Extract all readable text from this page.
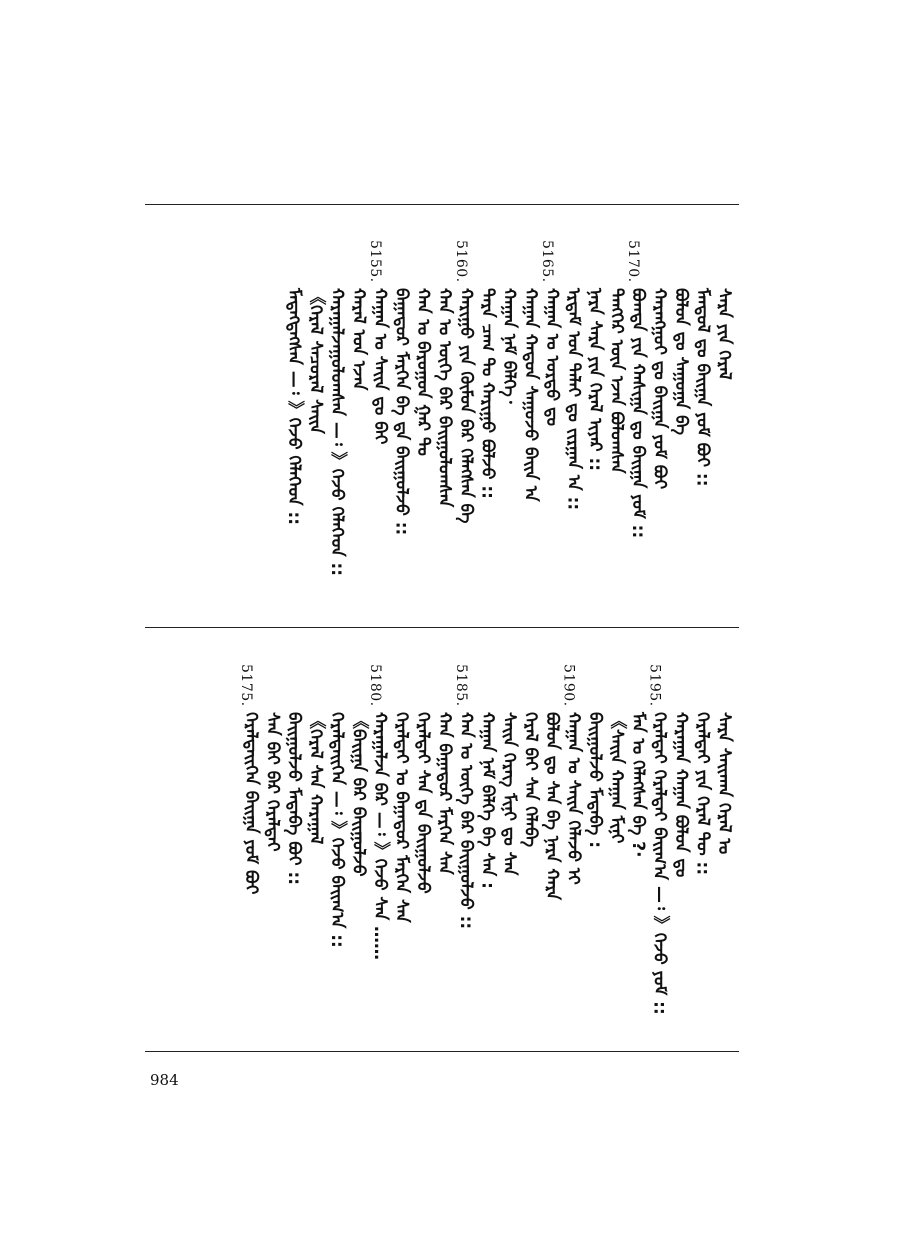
ᠰᠠᠷᠠ ᠶᠢᠨ ᠭᠡᠷᠡᠯ
ᠮᠠᠨᠳᠤᠯ ᠳᠤ ᠪᠠᠢᠭᠠ ᠶᠤᠮ ᠪᠤᠢ ::
ᠪᠤᠯᠤᠨ ᠳᠤ ᠰᠠᠭᠤᠭᠠ ᠪᠠ
ᠬᠠᠷᠠᠩᠭᠤᠢ ᠳᠤ ᠪᠠᠢᠭᠠ ᠶᠤᠮ ᠪᠤᠢ
5170.
ᠪᠣᠭᠳᠠ ᠶᠢᠨ ᠬᠠᠰᠢᠭᠠ ᠳᠤ ᠪᠠᠢᠭᠠ ᠶᠤᠮ ::
ᠲᠡᠩᠭᠡᠷ ᠦᠨ ᠡᠵᠡᠨ ᠪᠣᠯᠤᠭᠰᠠᠨ
ᠨᠠᠷᠠ ᠰᠠᠷᠠ ᠶᠢᠨ ᠭᠡᠷᠡᠯ ᠢᠶᠡᠷ ::
ᠡᠷᠳᠡᠮ ᠤᠨ ᠳᠠᠯᠠᠢ ᠳᠤ ᠵᠢᠷᠭᠠᠨ ᠠ ::
5165.
ᠬᠠᠭᠠᠨ ᠤ ᠣᠷᠳᠣ ᠳᠤ
ᠬᠠᠭᠠᠨ ᠬᠠᠲᠤᠨ ᠰᠠᠭᠤᠵᠤ ᠪᠠᠢᠨ ᠠ
ᠬᠠᠭᠠᠨ ᠨᠠᠮ ᠪᠡᠯᠭᠡ᠂
ᠲᠡᠷᠡ ᠴᠠᠭ ᠲᠤ ᠬᠠᠷᠢᠭᠤ ᠪᠣᠯᠵᠤ ::
5160.
ᠬᠠᠷᠢᠭᠤ ᠶᠢᠨ ᠬᠦᠮᠦᠨ ᠪᠡᠷ ᠬᠡᠯᠡᠭᠰᠡᠨ ᠪᠠ
ᠬᠠᠨ ᠤ ᠦᠭᠡ ᠪᠡᠷ ᠪᠠᠢᠭᠤᠯᠤᠭᠰᠠᠨ
ᠬᠠᠨ ᠤ ᠪᠠᠷᠤᠭᠤᠨ ᠭᠠᠷ ᠲᠤ
ᠪᠠᠭᠠᠲᠤᠷ ᠮᠡᠷᠭᠡᠨ ᠪᠠ ᠳᠠ ᠪᠠᠢᠭᠤᠯᠵᠤ ::
5155.
ᠬᠠᠭᠠᠨ ᠤ ᠰᠠᠢᠨ ᠳᠤ ᠪᠠᠢ
ᠬᠠᠷᠠᠯ ᠤᠨ ᠡᠵᠡᠨ
ᠬᠠᠷᠠᠭᠠᠯᠵᠠᠭᠤᠯᠤᠭᠰᠠᠨ —᠄ 》ᠭᠡᠵᠦ ᠬᠡᠯᠡᠭᠡᠳ ::
《ᠭᠡᠷᠡᠯ ᠰᠠᠴᠤᠷᠠᠯ ᠰᠠᠢᠨ
ᠮᠡᠳᠡᠭᠳᠡᠭᠰᠡᠨ —᠄ 》ᠭᠡᠵᠦ ᠬᠡᠯᠡᠭᠡᠳ ::
ᠰᠠᠷᠠ ᠰᠠᠢᠬᠠᠨ ᠭᠡᠷᠡᠯ ᠤ
ᠭᠡᠷᠡᠯᠲᠡᠢ ᠶᠢᠨ ᠭᠡᠷᠡᠯ ᠲᠦ ::
ᠬᠠᠷᠠᠭᠠᠨ ᠬᠠᠭᠠᠨ ᠪᠤᠯᠤᠨ ᠳᠤ
5195.
ᠭᠡᠷᠡᠯᠲᠡᠢ ᠭᠡᠷᠡᠯᠲᠡᠢ ᠪᠠᠢᠭ᠎ᠠ —᠄ 》ᠭᠡᠵᠦ ᠶᠤᠮ ::
ᠮᠠᠨ ᠤ ᠬᠡᠯᠡᠭᠰᠡᠨ ᠪᠠ ?·
《ᠰᠠᠢᠨ ᠬᠠᠭᠠᠨ ᠮᠢᠨᠢ
ᠪᠠᠢᠭᠤᠯᠵᠤ ᠮᠡᠳᠡᠪᠡ :
5190.
ᠬᠠᠭᠠᠨ ᠤ ᠰᠠᠢᠨ ᠬᠡᠯᠡᠵᠦ ᠢ
ᠪᠤᠯᠤᠨ ᠳᠤ ᠰᠠᠨ ᠪᠡ ᠨᠠᠷᠠ ᠬᠠᠷᠠ
ᠭᠡᠷᠡᠯ ᠪᠠᠢ ᠰᠠᠨ ᠬᠡᠯᠡᠪᠡ
ᠰᠠᠢᠨ ᠬᠡᠷᠡᠭ ᠮᠢᠨᠢ ᠳᠤ ᠰᠠᠨ
ᠬᠠᠭᠠᠨ ᠨᠠᠮ ᠪᠡᠯᠭᠡ ᠪᠠ ᠰᠠᠨ :
5185.
ᠬᠠᠨ ᠤ ᠦᠭᠡ ᠪᠡᠷ ᠪᠠᠢᠭᠤᠯᠵᠤ ::
ᠬᠠᠨ ᠪᠠᠭᠠᠲᠤᠷ ᠮᠡᠷᠭᠡᠨ ᠰᠠᠨ
ᠭᠡᠷᠡᠯᠲᠡᠢ ᠰᠠᠨ ᠳᠠ ᠪᠠᠢᠭᠤᠯᠵᠤ
ᠭᠡᠷᠡᠯᠲᠡᠢ ᠤ ᠪᠠᠭᠠᠲᠤᠷ ᠮᠡᠷᠭᠡᠨ ᠰᠠᠨ
5180.
ᠬᠠᠷᠠᠭᠠᠯᠵᠠ ᠪᠡᠷ —᠄ 》ᠭᠡᠵᠦ ᠰᠠᠨ ……
《ᠪᠠᠢᠭᠠ ᠪᠡᠷ ᠪᠠᠢᠭᠤᠯᠵᠤ
ᠭᠡᠷᠡᠯᠲᠡᠢᠭᠡᠨ —᠄ 》ᠭᠡᠵᠦ ᠪᠠᠢᠭ᠎ᠠ ::
《ᠭᠡᠷᠡᠯ ᠰᠠᠨ ᠬᠠᠷᠠᠭᠠᠯ
ᠪᠠᠢᠭᠤᠯᠵᠤ ᠮᠡᠳᠡᠪᠡ ᠪᠤᠢ ::
ᠰᠠᠨ ᠪᠠᠢ ᠪᠠᠷ ᠭᠡᠷᠡᠯᠲᠡᠢ
5175.
ᠭᠡᠷᠡᠯᠲᠡᠢᠭᠡᠨ ᠪᠠᠢᠭᠠ ᠶᠤᠮ ᠪᠤᠢ
984
